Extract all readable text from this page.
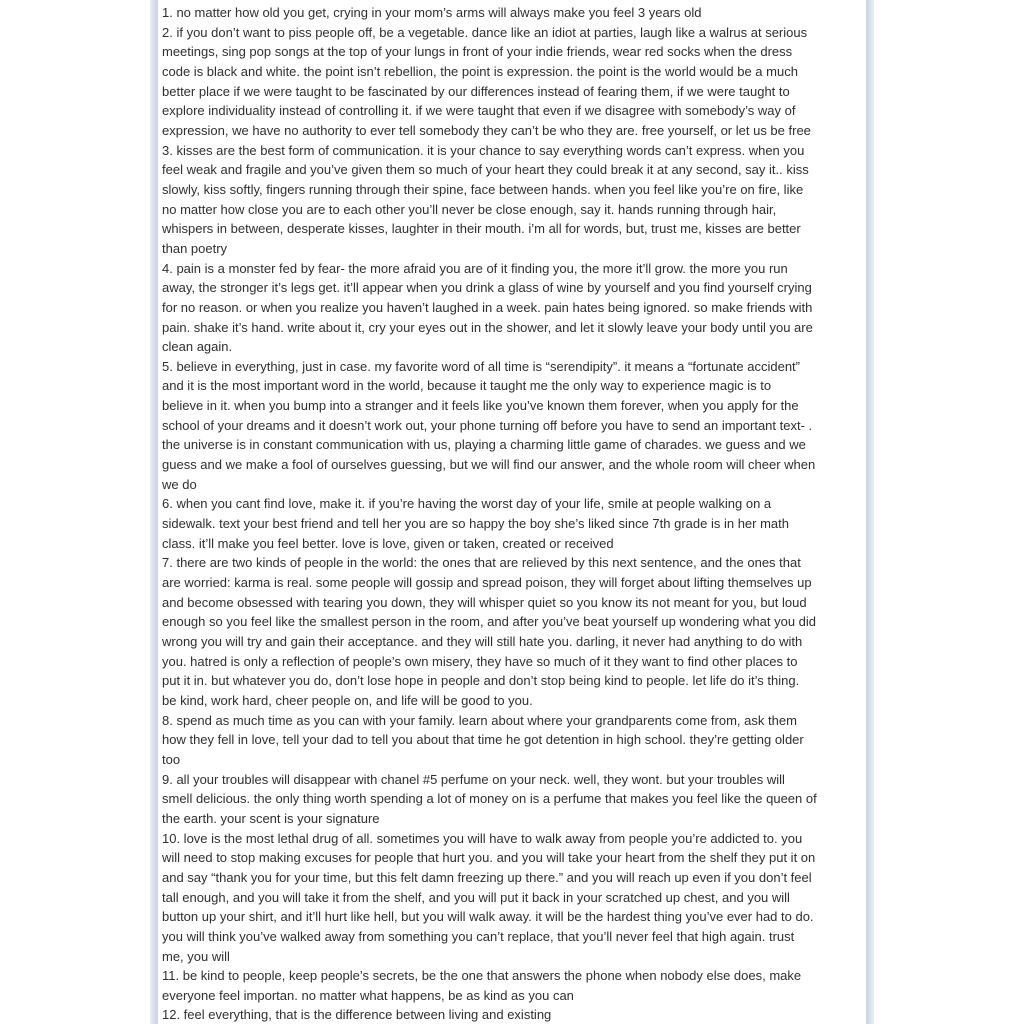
1. no matter how old you get, crying in your mom’s arms will always make you feel 3 years old

2. if you don’t want to piss people off, be a vegetable. dance like an idiot at parties, laugh like a walrus at serious
meetings, sing pop songs at the top of your lungs in front of your indie friends, wear red socks when the dress
code is black and white. the point isn’t rebellion, the point is expression. the point is the world would be a much
better place if we were taught to be fascinated by our differences instead of fearing them, if we were taught to
explore individuality instead of controlling it. if we were taught that even if we disagree with somebody’s way of
expression, we have no authority to ever tell somebody they can’t be who they are. free yourself, or let us be free

3. kisses are the best form of communication. it is your chance to say everything words can’t express. when you
feel weak and fragile and you’ve given them so much of your heart they could break it at any second, say it.. kiss
slowly, kiss softly, fingers running through their spine, face between hands. when you feel like you’re on fire, like
no matter how close you are to each other you’ll never be close enough, say it. hands running through hair,
whispers in between, desperate kisses, laughter in their mouth. i’m all for words, but, trust me, kisses are better
than poetry

4. pain is a monster fed by fear- the more afraid you are of it finding you, the more it’ll grow. the more you run
away, the stronger it’s legs get. it’ll appear when you drink a glass of wine by yourself and you find yourself crying
for no reason. or when you realize you haven’t laughed in a week. pain hates being ignored. so make friends with
pain. shake it’s hand. write about it, cry your eyes out in the shower, and let it slowly leave your body until you are
clean again.

5. believe in everything, just in case. my favorite word of all time is “serendipity”. it means a “fortunate accident”
and it is the most important word in the world, because it taught me the only way to experience magic is to
believe in it. when you bump into a stranger and it feels like you’ve known them forever, when you apply for the
school of your dreams and it doesn’t work out, your phone turning off before you have to send an important text- .
the universe is in constant communication with us, playing a charming little game of charades. we guess and we
guess and we make a fool of ourselves guessing, but we will find our answer, and the whole room will cheer when
we do

6. when you cant find love, make it. if you’re having the worst day of your life, smile at people walking on a
sidewalk. text your best friend and tell her you are so happy the boy she’s liked since 7th grade is in her math
class. it’ll make you feel better. love is love, given or taken, created or received

7. there are two kinds of people in the world: the ones that are relieved by this next sentence, and the ones that
are worried: karma is real. some people will gossip and spread poison, they will forget about lifting themselves up
and become obsessed with tearing you down, they will whisper quiet so you know its not meant for you, but loud
enough so you feel like the smallest person in the room, and after you’ve beat yourself up wondering what you did
wrong you will try and gain their acceptance. and they will still hate you. darling, it never had anything to do with
you. hatred is only a reflection of people’s own misery, they have so much of it they want to find other places to
put it in. but whatever you do, don’t lose hope in people and don’t stop being kind to people. let life do it’s thing.
be kind, work hard, cheer people on, and life will be good to you.

8. spend as much time as you can with your family. learn about where your grandparents come from, ask them
how they fell in love, tell your dad to tell you about that time he got detention in high school. they’re getting older
too

9. all your troubles will disappear with chanel #5 perfume on your neck. well, they wont. but your troubles will
smell delicious. the only thing worth spending a lot of money on is a perfume that makes you feel like the queen of
the earth. your scent is your signature

10. love is the most lethal drug of all. sometimes you will have to walk away from people you’re addicted to. you
will need to stop making excuses for people that hurt you. and you will take your heart from the shelf they put it on
and say “thank you for your time, but this felt damn freezing up there.” and you will reach up even if you don’t feel
tall enough, and you will take it from the shelf, and you will put it back in your scratched up chest, and you will
button up your shirt, and it’ll hurt like hell, but you will walk away. it will be the hardest thing you’ve ever had to do.
you will think you’ve walked away from something you can’t replace, that you’ll never feel that high again. trust
me, you will

11. be kind to people, keep people’s secrets, be the one that answers the phone when nobody else does, make
everyone feel importan. no matter what happens, be as kind as you can

12. feel everything, that is the difference between living and existing
